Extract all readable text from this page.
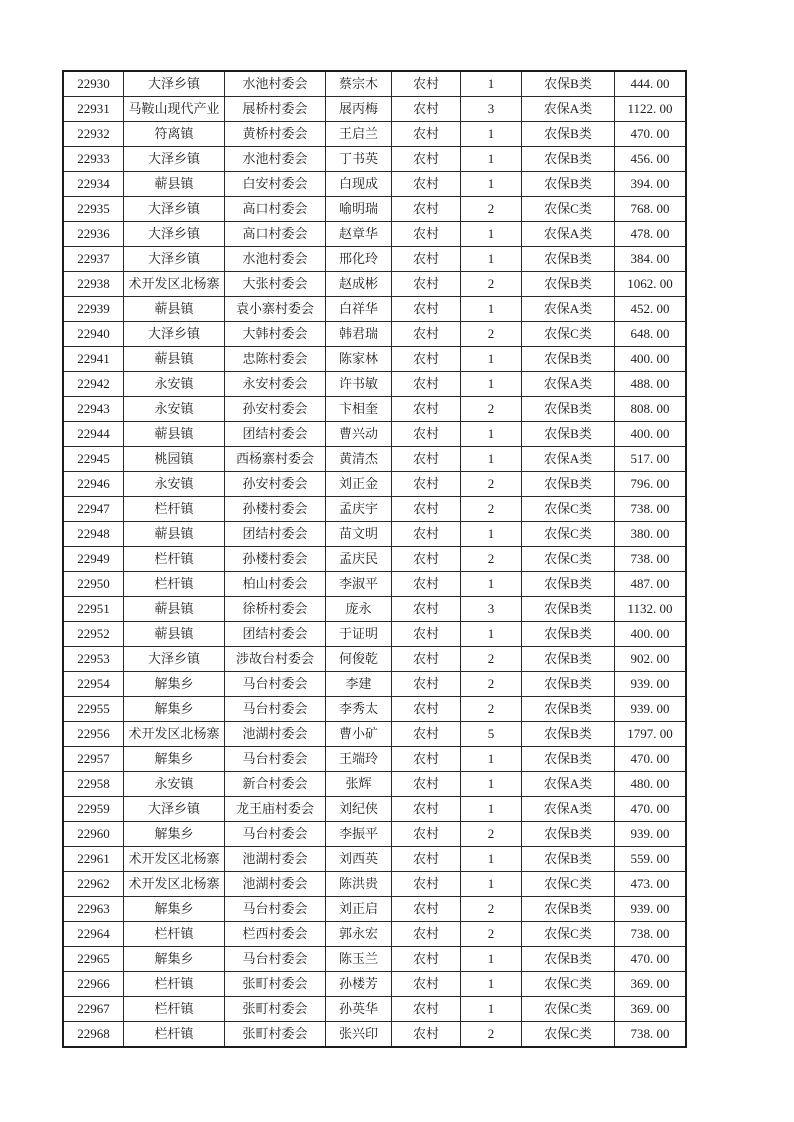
22930	大泽乡镇	水池村委会	蔡宗木	农村	1	农保B类	444. 00
22931	马鞍山现代产业	展桥村委会	展丙梅	农村	3	农保A类	1122. 00
22932	符离镇	黄桥村委会	王启兰	农村	1	农保B类	470. 00
22933	大泽乡镇	水池村委会	丁书英	农村	1	农保B类	456. 00
22934	蕲县镇	白安村委会	白现成	农村	1	农保B类	394. 00
22935	大泽乡镇	高口村委会	喻明瑞	农村	2	农保C类	768. 00
22936	大泽乡镇	高口村委会	赵章华	农村	1	农保A类	478. 00
22937	大泽乡镇	水池村委会	邢化玲	农村	1	农保B类	384. 00
22938	术开发区北杨寨	大张村委会	赵成彬	农村	2	农保B类	1062. 00
22939	蕲县镇	袁小寨村委会	白祥华	农村	1	农保A类	452. 00
22940	大泽乡镇	大韩村委会	韩君瑞	农村	2	农保C类	648. 00
22941	蕲县镇	忠陈村委会	陈家林	农村	1	农保B类	400. 00
22942	永安镇	永安村委会	许书敏	农村	1	农保A类	488. 00
22943	永安镇	孙安村委会	卞相奎	农村	2	农保B类	808. 00
22944	蕲县镇	团结村委会	曹兴动	农村	1	农保B类	400. 00
22945	桃园镇	西杨寨村委会	黄清杰	农村	1	农保A类	517. 00
22946	永安镇	孙安村委会	刘正金	农村	2	农保B类	796. 00
22947	栏杆镇	孙楼村委会	孟庆宇	农村	2	农保C类	738. 00
22948	蕲县镇	团结村委会	苗文明	农村	1	农保C类	380. 00
22949	栏杆镇	孙楼村委会	孟庆民	农村	2	农保C类	738. 00
22950	栏杆镇	柏山村委会	李淑平	农村	1	农保B类	487. 00
22951	蕲县镇	徐桥村委会	庞永	农村	3	农保B类	1132. 00
22952	蕲县镇	团结村委会	于证明	农村	1	农保B类	400. 00
22953	大泽乡镇	涉故台村委会	何俊乾	农村	2	农保B类	902. 00
22954	解集乡	马台村委会	李建	农村	2	农保B类	939. 00
22955	解集乡	马台村委会	李秀太	农村	2	农保B类	939. 00
22956	术开发区北杨寨	池湖村委会	曹小矿	农村	5	农保B类	1797. 00
22957	解集乡	马台村委会	王端玲	农村	1	农保B类	470. 00
22958	永安镇	新合村委会	张辉	农村	1	农保A类	480. 00
22959	大泽乡镇	龙王庙村委会	刘纪侠	农村	1	农保A类	470. 00
22960	解集乡	马台村委会	李振平	农村	2	农保B类	939. 00
22961	术开发区北杨寨	池湖村委会	刘西英	农村	1	农保B类	559. 00
22962	术开发区北杨寨	池湖村委会	陈洪贵	农村	1	农保C类	473. 00
22963	解集乡	马台村委会	刘正启	农村	2	农保B类	939. 00
22964	栏杆镇	栏西村委会	郭永宏	农村	2	农保C类	738. 00
22965	解集乡	马台村委会	陈玉兰	农村	1	农保B类	470. 00
22966	栏杆镇	张町村委会	孙楼芳	农村	1	农保C类	369. 00
22967	栏杆镇	张町村委会	孙英华	农村	1	农保C类	369. 00
22968	栏杆镇	张町村委会	张兴印	农村	2	农保C类	738. 00
